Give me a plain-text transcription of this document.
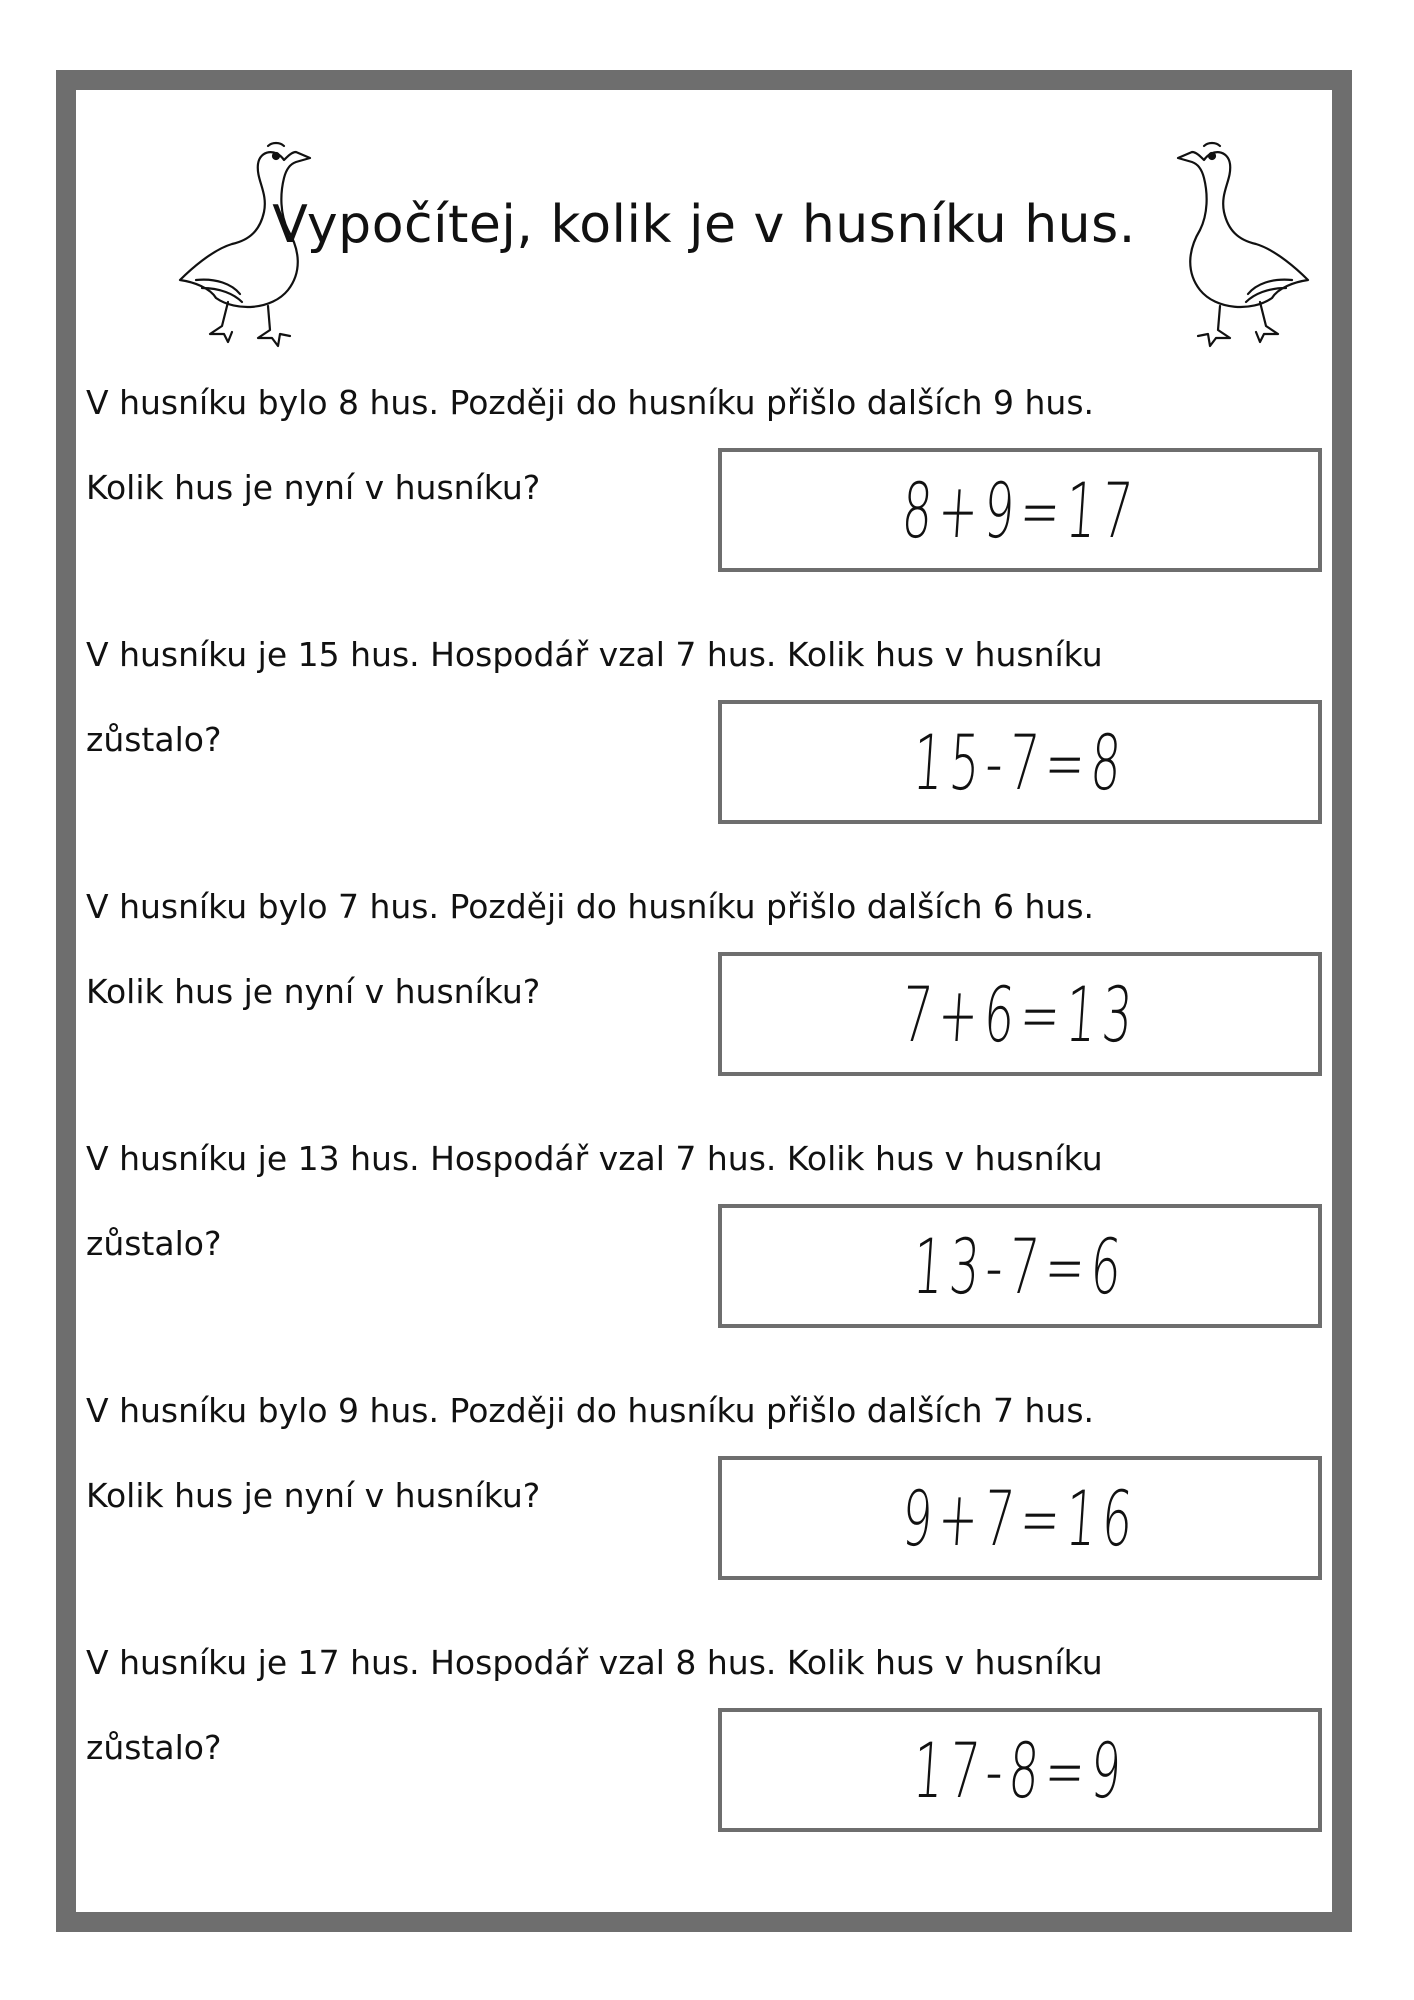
Vypočítej, kolik je v husníku hus.
V husníku bylo 8 hus. Později do husníku přišlo dalších 9 hus.
Kolik hus je nyní v husníku?	8+9=17
V husníku je 15 hus. Hospodář vzal 7 hus. Kolik hus v husníku
zůstalo?	15-7=8
V husníku bylo 7 hus. Později do husníku přišlo dalších 6 hus.
Kolik hus je nyní v husníku?	7+6=13
V husníku je 13 hus. Hospodář vzal 7 hus. Kolik hus v husníku
zůstalo?	13-7=6
V husníku bylo 9 hus. Později do husníku přišlo dalších 7 hus.
Kolik hus je nyní v husníku?	9+7=16
V husníku je 17 hus. Hospodář vzal 8 hus. Kolik hus v husníku
zůstalo?	17-8=9
